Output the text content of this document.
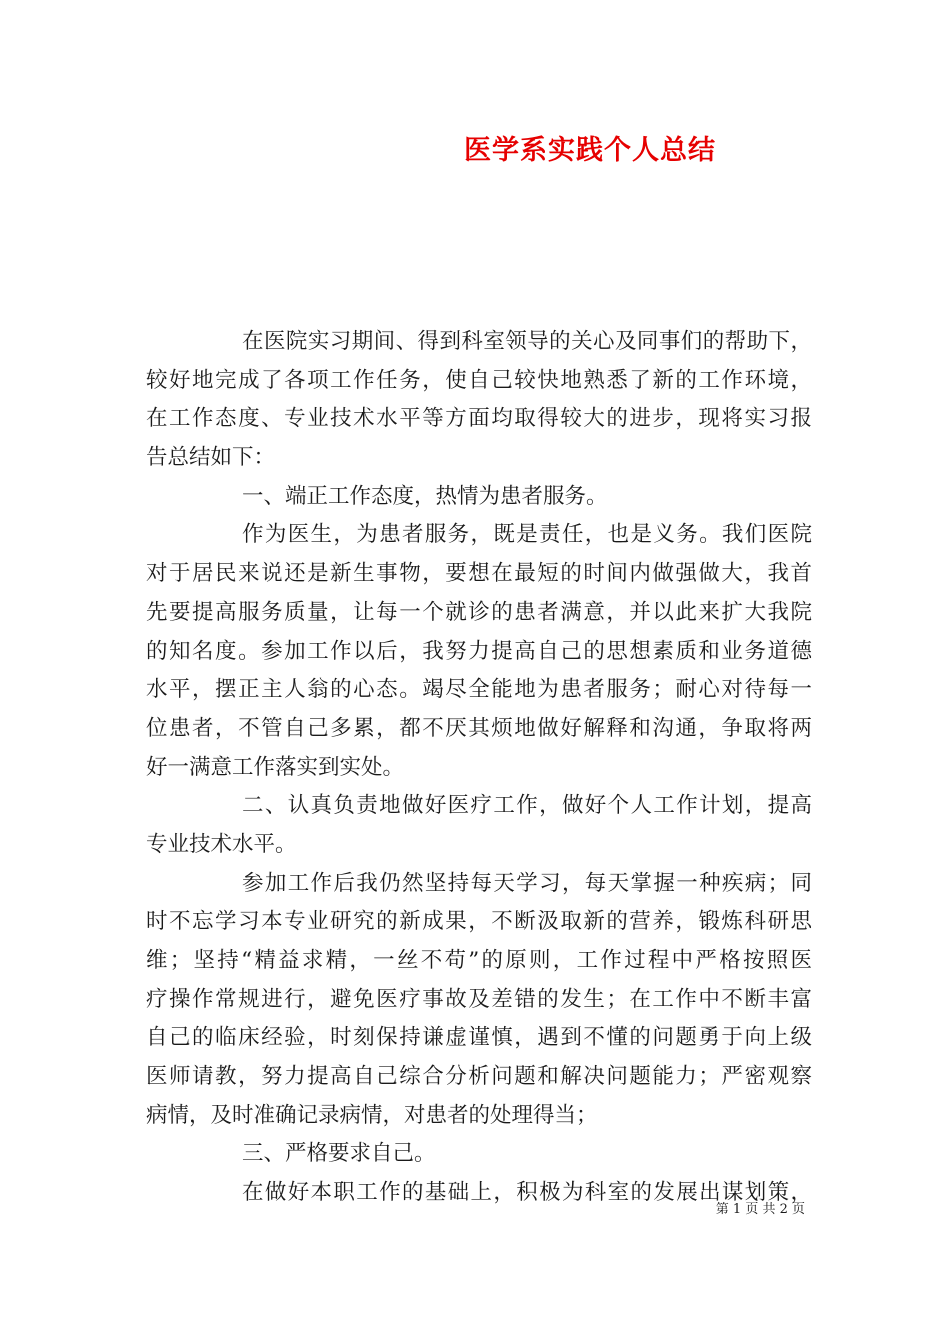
医学系实践个人总结
在医院实习期间、得到科室领导的关心及同事们的帮助下，
较好地完成了各项工作任务，使自己较快地熟悉了新的工作环境，
在工作态度、专业技术水平等方面均取得较大的进步，现将实习报
告总结如下：
一、端正工作态度，热情为患者服务。
作为医生，为患者服务，既是责任，也是义务。我们医院
对于居民来说还是新生事物，要想在最短的时间内做强做大，我首
先要提高服务质量，让每一个就诊的患者满意，并以此来扩大我院
的知名度。参加工作以后，我努力提高自己的思想素质和业务道德
水平，摆正主人翁的心态。竭尽全能地为患者服务；耐心对待每一
位患者，不管自己多累，都不厌其烦地做好解释和沟通，争取将两
好一满意工作落实到实处。
二、认真负责地做好医疗工作，做好个人工作计划，提高
专业技术水平。
参加工作后我仍然坚持每天学习，每天掌握一种疾病；同
时不忘学习本专业研究的新成果，不断汲取新的营养，锻炼科研思
维；坚持“精益求精，一丝不苟”的原则，工作过程中严格按照医
疗操作常规进行，避免医疗事故及差错的发生；在工作中不断丰富
自己的临床经验，时刻保持谦虚谨慎，遇到不懂的问题勇于向上级
医师请教，努力提高自己综合分析问题和解决问题能力；严密观察
病情，及时准确记录病情，对患者的处理得当；
三、严格要求自己。
在做好本职工作的基础上，积极为科室的发展出谋划策，
第 1 页 共 2 页
